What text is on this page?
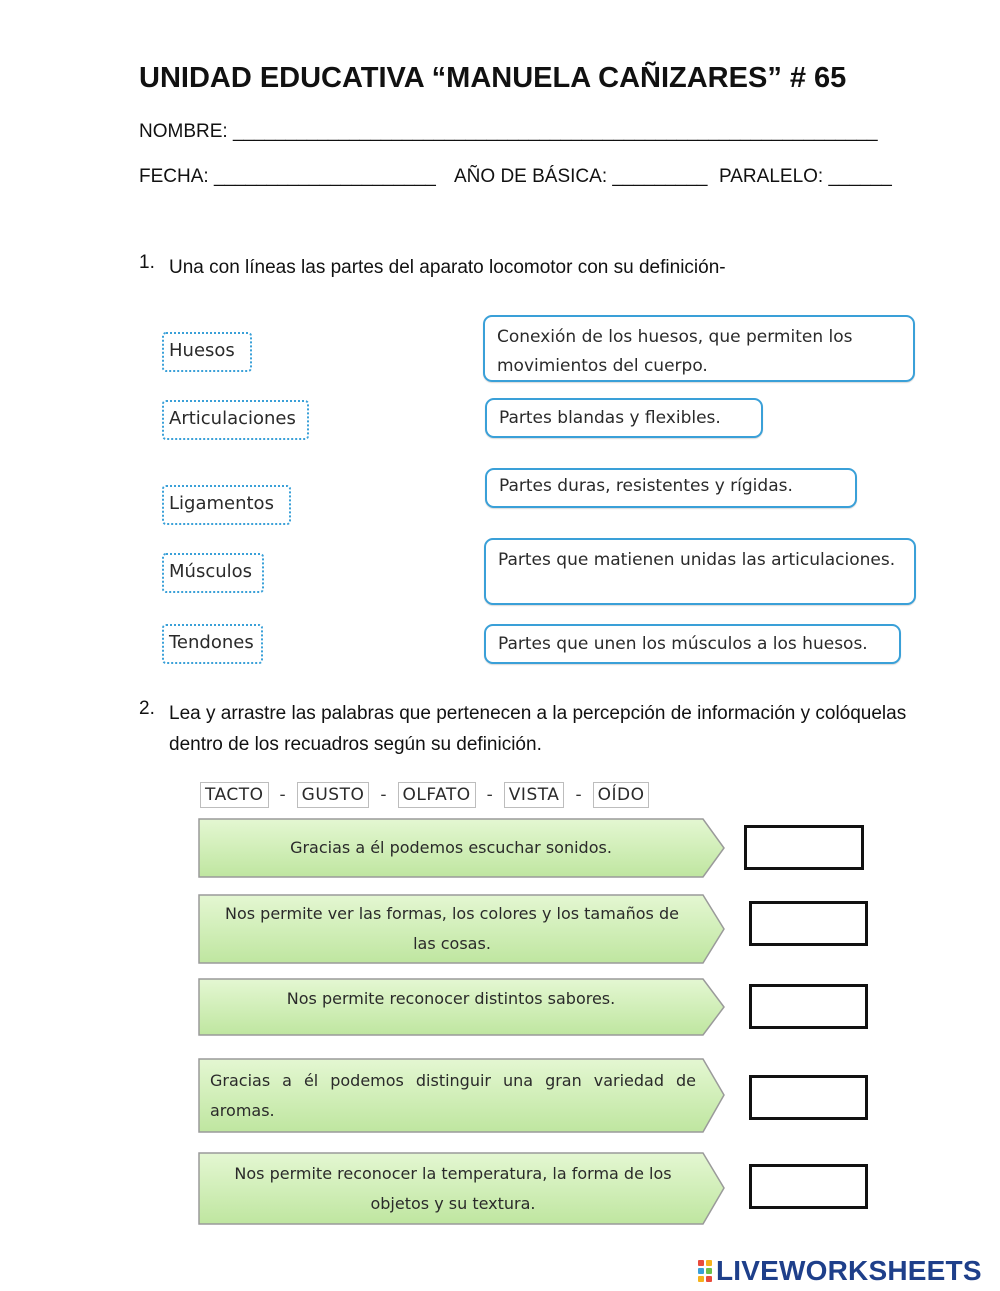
UNIDAD EDUCATIVA “MANUELA CAÑIZARES” # 65
NOMBRE: _____________________________________________________________
FECHA: _____________________ AÑO DE BÁSICA: _________ PARALELO: ______
1. Una con líneas las partes del aparato locomotor con su definición-
Huesos
Articulaciones
Ligamentos
Músculos
Tendones
Conexión de los huesos, que permiten los movimientos del cuerpo.
Partes blandas y flexibles.
Partes duras, resistentes y rígidas.
Partes que matienen unidas las articulaciones.
Partes que unen los músculos a los huesos.
2. Lea y arrastre las palabras que pertenecen a la percepción de información y colóquelas dentro de los recuadros según su definición.
TACTO - GUSTO - OLFATO - VISTA - OÍDO
Gracias a él podemos escuchar sonidos.
Nos permite ver las formas, los colores y los tamaños de las cosas.
Nos permite reconocer distintos sabores.
Gracias a él podemos distinguir una gran variedad de aromas.
Nos permite reconocer la temperatura, la forma de los objetos y su textura.
LIVEWORKSHEETS
